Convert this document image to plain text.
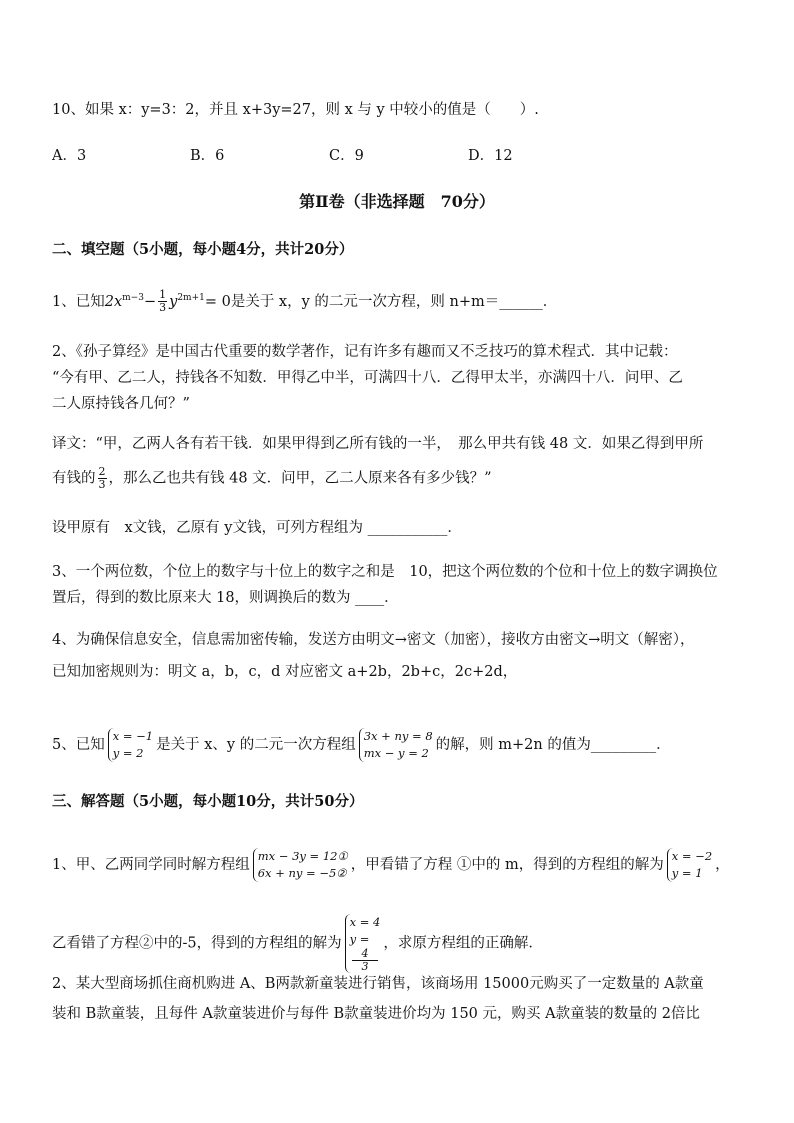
10、如果 x：y=3：2，并且 x+3y=27，则 x 与 y 中较小的值是（　　）.
A．3	B．6	C．9	D．12
第Ⅱ卷（非选择题　70分）
二、填空题（5小题，每小题4分，共计20分）
1、已知$2x^{m-3}- \frac{1}{3} y^{2m+1}= 0$是关于 x，y 的二元一次方程，则 n+m＝______．
2、《孙子算经》是中国古代重要的数学著作，记有许多有趣而又不乏技巧的算术程式．其中记载：
“今有甲、乙二人，持钱各不知数．甲得乙中半，可满四十八．乙得甲太半，亦满四十八．问甲、乙
二人原持钱各几何？”
译文：“甲，乙两人各有若干钱．如果甲得到乙所有钱的一半，　那么甲共有钱 48 文．如果乙得到甲所
有钱的 $\frac{2}{3}$ ，那么乙也共有钱 48 文．问甲，乙二人原来各有多少钱？”
设甲原有　x文钱，乙原有 y文钱，可列方程组为 ___________．
3、一个两位数，个位上的数字与十位上的数字之和是　10，把这个两位数的个位和十位上的数字调换位
置后，得到的数比原来大 18，则调换后的数为 ____．
4、为确保信息安全，信息需加密传输，发送方由明文→密文（加密），接收方由密文→明文（解密），
已知加密规则为：明文 a，b，c，d 对应密文 a+2b，2b+c，2c+2d，
5、已知
x = −1
y = 2 是关于 x、y 的二元一次方程组
3x + ny = 8
mx − y = 2 的解，则 m+2n 的值为_________．
三、解答题（5小题，每小题10分，共计50分）
1、甲、乙两同学同时解方程组
mx − 3y = 12①
6x + ny = −5② ，甲看错了方程 ①中的 m，得到的方程组的解为
x = −2
y = 1 ，
乙看错了方程②中的-5，得到的方程组的解为
x = 4
y =
4
3
，求原方程组的正确解．
2、某大型商场抓住商机购进 A、B两款新童装进行销售，该商场用 15000元购买了一定数量的 A款童
装和 B款童装，且每件 A款童装进价与每件 B款童装进价均为 150 元，购买 A款童装的数量的 2倍比
